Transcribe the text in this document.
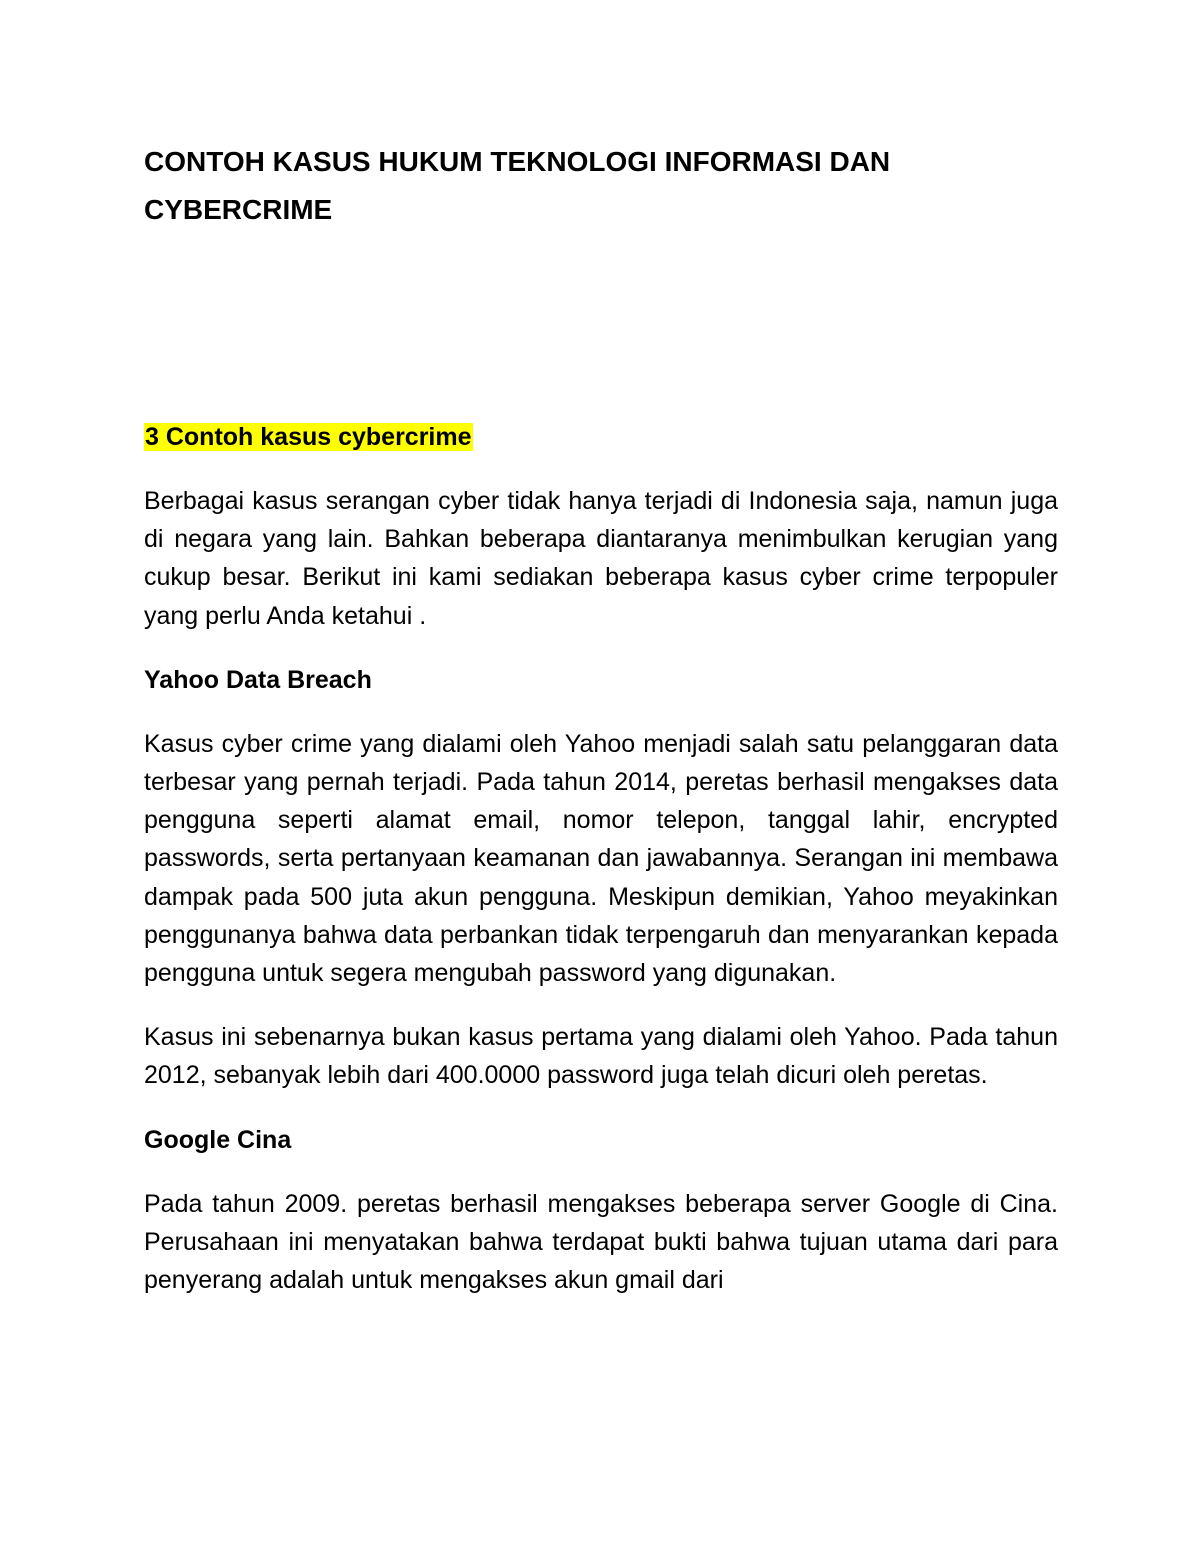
CONTOH KASUS HUKUM TEKNOLOGI INFORMASI DAN
CYBERCRIME

3 Contoh kasus cybercrime

Berbagai kasus serangan cyber tidak hanya terjadi di Indonesia saja, namun juga di negara yang lain. Bahkan beberapa diantaranya menimbulkan kerugian yang cukup besar. Berikut ini kami sediakan beberapa kasus cyber crime terpopuler yang perlu Anda ketahui .

Yahoo Data Breach

Kasus cyber crime yang dialami oleh Yahoo menjadi salah satu pelanggaran data terbesar yang pernah terjadi. Pada tahun 2014, peretas berhasil mengakses data pengguna seperti alamat email, nomor telepon, tanggal lahir, encrypted passwords, serta pertanyaan keamanan dan jawabannya. Serangan ini membawa dampak pada 500 juta akun pengguna. Meskipun demikian, Yahoo meyakinkan penggunanya bahwa data perbankan tidak terpengaruh dan menyarankan kepada pengguna untuk segera mengubah password yang digunakan.

Kasus ini sebenarnya bukan kasus pertama yang dialami oleh Yahoo. Pada tahun 2012, sebanyak lebih dari 400.0000 password juga telah dicuri oleh peretas.

Google Cina

Pada tahun 2009. peretas berhasil mengakses beberapa server Google di Cina. Perusahaan ini menyatakan bahwa terdapat bukti bahwa tujuan utama dari para penyerang adalah untuk mengakses akun gmail dari
